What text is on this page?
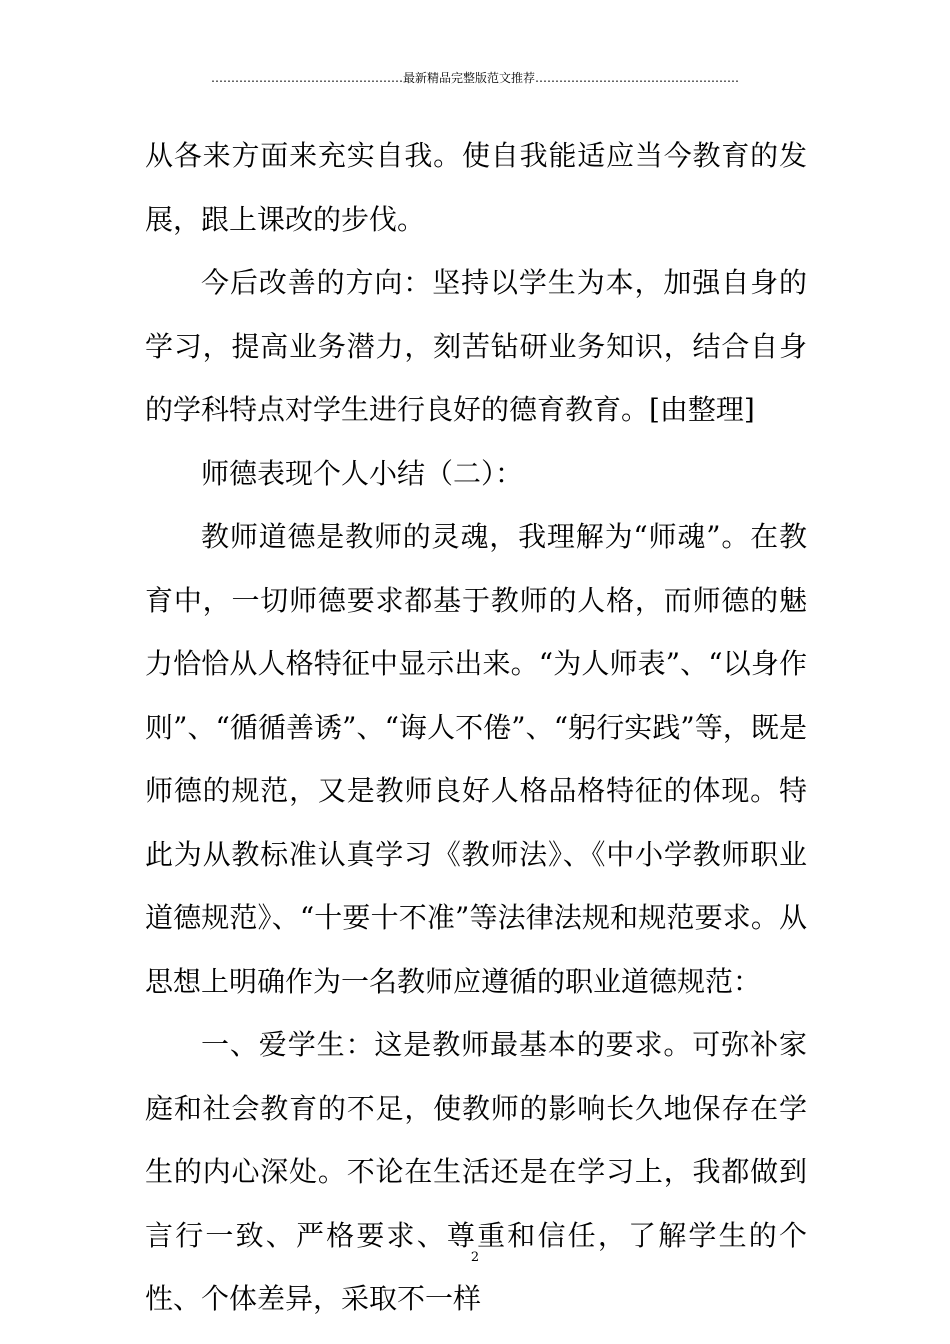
…………………………………………最新精品完整版范文推荐……………………………………………

从各来方面来充实自我。使自我能适应当今教育的发展，跟上课改的步伐。

今后改善的方向：坚持以学生为本，加强自身的学习，提高业务潜力，刻苦钻研业务知识，结合自身的学科特点对学生进行良好的德育教育。[由整理]

师德表现个人小结（二）：

教师道德是教师的灵魂，我理解为“师魂”。在教育中，一切师德要求都基于教师的人格，而师德的魅力恰恰从人格特征中显示出来。“为人师表”、“以身作则”、“循循善诱”、“诲人不倦”、“躬行实践”等，既是师德的规范，又是教师良好人格品格特征的体现。特此为从教标准认真学习《教师法》、《中小学教师职业道德规范》、“十要十不准”等法律法规和规范要求。从思想上明确作为一名教师应遵循的职业道德规范：

一、爱学生：这是教师最基本的要求。可弥补家庭和社会教育的不足，使教师的影响长久地保存在学生的内心深处。不论在生活还是在学习上，我都做到言行一致、严格要求、尊重和信任，了解学生的个性、个体差异，采取不一样

2
